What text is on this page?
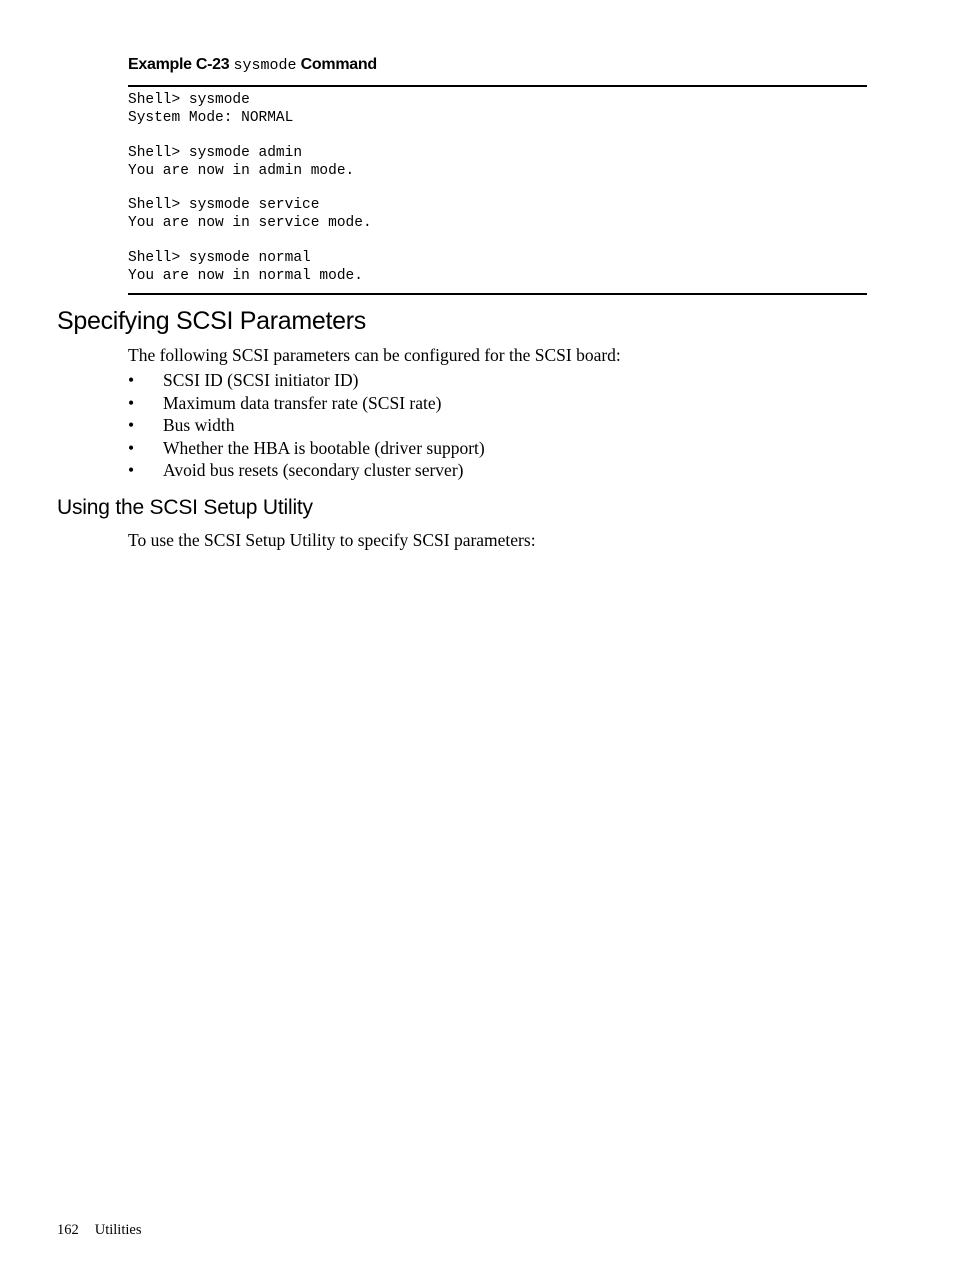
Example C-23 sysmode Command
Shell> sysmode
System Mode: NORMAL
Shell> sysmode admin
You are now in admin mode.
Shell> sysmode service
You are now in service mode.
Shell> sysmode normal
You are now in normal mode.
Specifying SCSI Parameters

The following SCSI parameters can be configured for the SCSI board:

• SCSI ID (SCSI initiator ID)
• Maximum data transfer rate (SCSI rate)
• Bus width
• Whether the HBA is bootable (driver support)
• Avoid bus resets (secondary cluster server)
Using the SCSI Setup Utility

To use the SCSI Setup Utility to specify SCSI parameters:

162 Utilities
